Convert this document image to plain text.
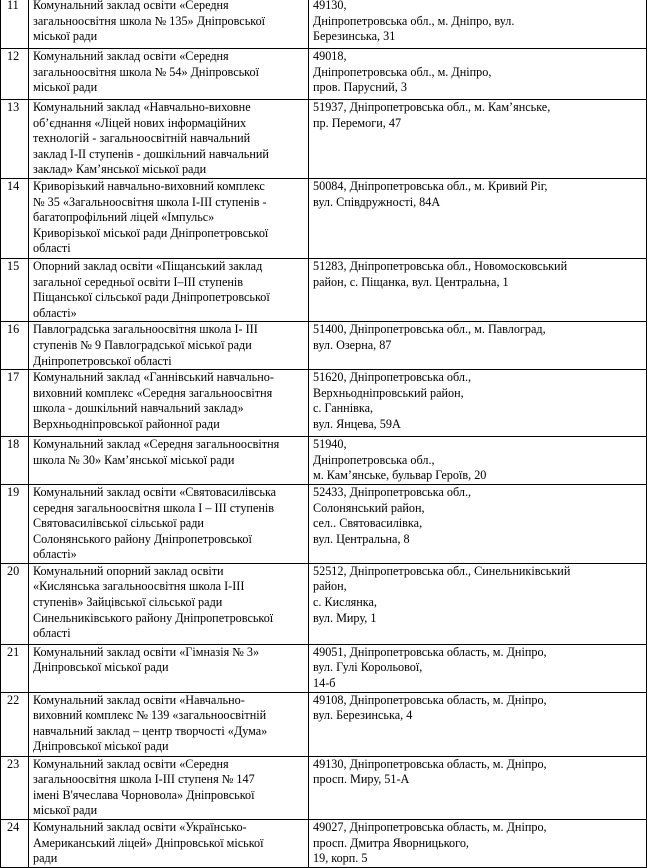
11	Комунальний заклад освіти «Середня
загальноосвітня школа № 135» Дніпровської
міської ради	49130,
Дніпропетровська обл., м. Дніпро, вул.
Березинська, 31

12	Комунальний заклад освіти «Середня
загальноосвітня школа № 54» Дніпровської
міської ради	49018,
Дніпропетровська обл., м. Дніпро,
пров. Парусний, 3

13	Комунальний заклад «Навчально-виховне
об’єднання «Ліцей нових інформаційних
технологій - загальноосвітній навчальний
заклад I-II ступенів - дошкільний навчальний
заклад» Кам’янської міської ради	51937, Дніпропетровська обл., м. Кам’янське,
пр. Перемоги, 47

14	Криворізький навчально-виховний комплекс
№ 35 «Загальноосвітня школа І-ІІІ ступенів -
багатопрофільний ліцей «Імпульс»
Криворізької міської ради Дніпропетровської
області	50084, Дніпропетровська обл., м. Кривий Ріг,
вул. Співдружності, 84А

15	Опорний заклад освіти «Піщанський заклад
загальної середньої освіти І–ІІІ ступенів
Піщанської сільської ради Дніпропетровської
області»	51283, Дніпропетровська обл., Новомосковський
район, с. Піщанка, вул. Центральна, 1

16	Павлоградська загальноосвітня школа І- ІІІ
ступенів № 9 Павлоградської міської ради
Дніпропетровської області	51400, Дніпропетровська обл., м. Павлоград,
вул. Озерна, 87

17	Комунальний заклад «Ганнівський навчально-
виховний комплекс «Середня загальноосвітня
школа - дошкільний навчальний заклад»
Верхньодніпровської районної ради	51620, Дніпропетровська обл.,
Верхньодніпровський район,
с. Ганнівка,
вул. Янцева, 59А

18	Комунальний заклад «Середня загальноосвітня
школа № 30» Кам’янської міської ради	51940,
Дніпропетровська обл.,
м. Кам’янське, бульвар Героїв, 20

19	Комунальний заклад освіти «Святовасилівська
середня загальноосвітня школа І – ІІІ ступенів
Святовасилівської сільської ради
Солонянського району Дніпропетровської
області»	52433, Дніпропетровська обл.,
Солонянський район,
сел.. Святовасилівка,
вул. Центральна, 8

20	Комунальний опорний заклад освіти
«Кислянська загальноосвітня школа I-III
ступенів» Зайцівської сільської ради
Синельниківського району Дніпропетровської
області	52512, Дніпропетровська обл., Синельниківський
район,
с. Кислянка,
вул. Миру, 1

21	Комунальний заклад освіти «Гімназія № 3»
Дніпровської міської ради	49051, Дніпропетровська область, м. Дніпро,
вул. Гулі Корольової,
14-б

22	Комунальний заклад освіти «Навчально-
виховний комплекс № 139 «загальноосвітній
навчальний заклад – центр творчості «Дума»
Дніпровської міської ради	49108, Дніпропетровська область, м. Дніпро,
вул. Березинська, 4

23	Комунальний заклад освіти «Середня
загальноосвітня школа І-ІІІ ступеня № 147
імені В'ячеслава Чорновола» Дніпровської
міської ради	49130, Дніпропетровська область, м. Дніпро,
просп. Миру, 51-А

24	Комунальний заклад освіти «Українсько-
Американський ліцей» Дніпровської міської
ради	49027, Дніпропетровська область, м. Дніпро,
просп. Дмитра Яворницького,
19, корп. 5
